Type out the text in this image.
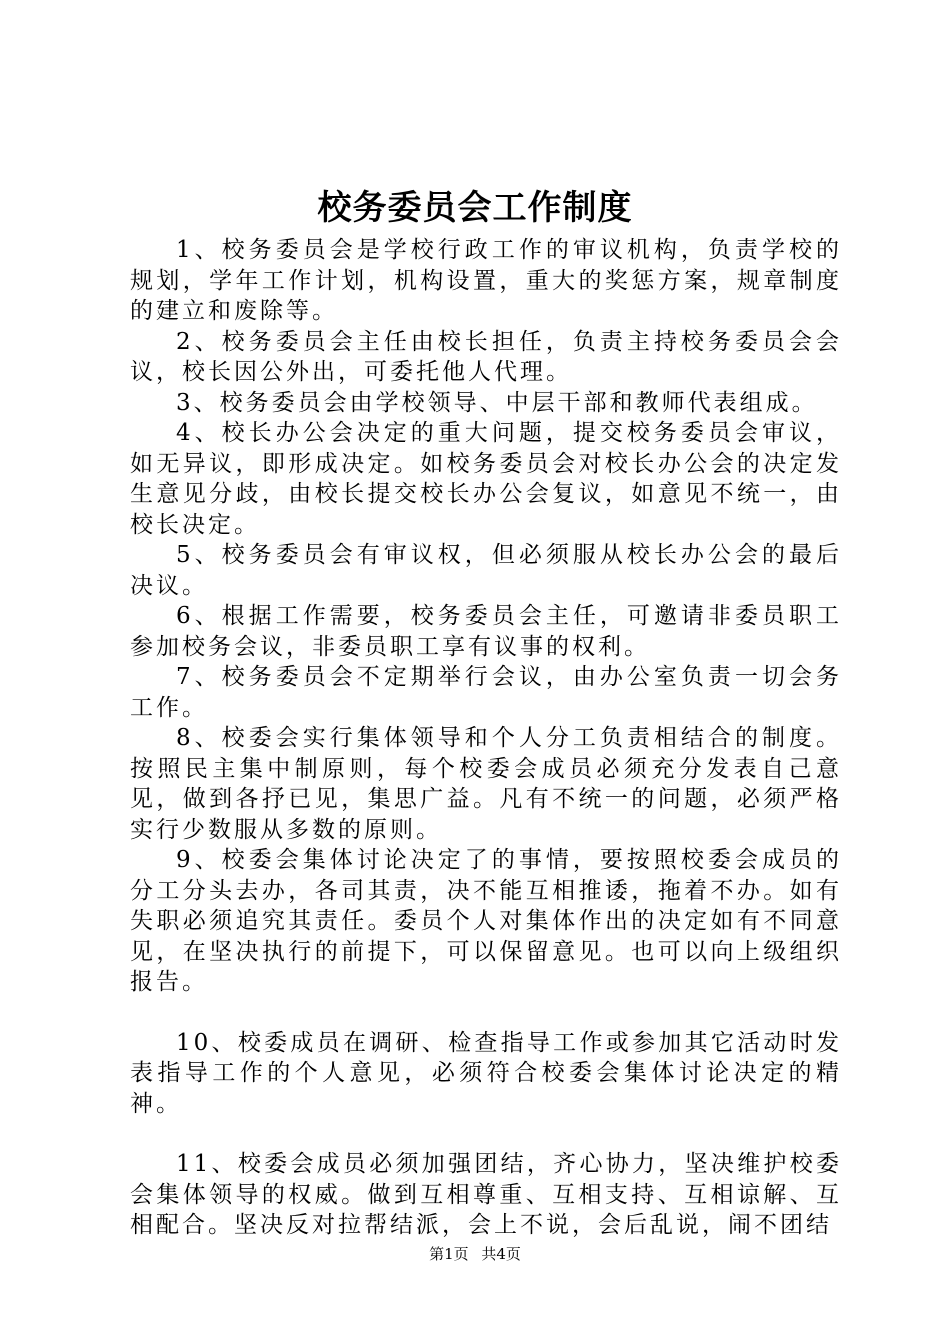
校务委员会工作制度

1、校务委员会是学校行政工作的审议机构，负责学校的规划，学年工作计划，机构设置，重大的奖惩方案，规章制度的建立和废除等。

2、校务委员会主任由校长担任，负责主持校务委员会会议，校长因公外出，可委托他人代理。

3、校务委员会由学校领导、中层干部和教师代表组成。

4、校长办公会决定的重大问题，提交校务委员会审议，如无异议，即形成决定。如校务委员会对校长办公会的决定发生意见分歧，由校长提交校长办公会复议，如意见不统一，由校长决定。

5、校务委员会有审议权，但必须服从校长办公会的最后决议。

6、根据工作需要，校务委员会主任，可邀请非委员职工参加校务会议，非委员职工享有议事的权利。

7、校务委员会不定期举行会议，由办公室负责一切会务工作。

8、校委会实行集体领导和个人分工负责相结合的制度。按照民主集中制原则，每个校委会成员必须充分发表自己意见，做到各抒已见，集思广益。凡有不统一的问题，必须严格实行少数服从多数的原则。

9、校委会集体讨论决定了的事情，要按照校委会成员的分工分头去办，各司其责，决不能互相推诿，拖着不办。如有失职必须追究其责任。委员个人对集体作出的决定如有不同意见，在坚决执行的前提下，可以保留意见。也可以向上级组织报告。

10、校委成员在调研、检查指导工作或参加其它活动时发表指导工作的个人意见，必须符合校委会集体讨论决定的精神。

11、校委会成员必须加强团结，齐心协力，坚决维护校委会集体领导的权威。做到互相尊重、互相支持、互相谅解、互相配合。坚决反对拉帮结派，会上不说，会后乱说，闹不团结

第1页 共4页
